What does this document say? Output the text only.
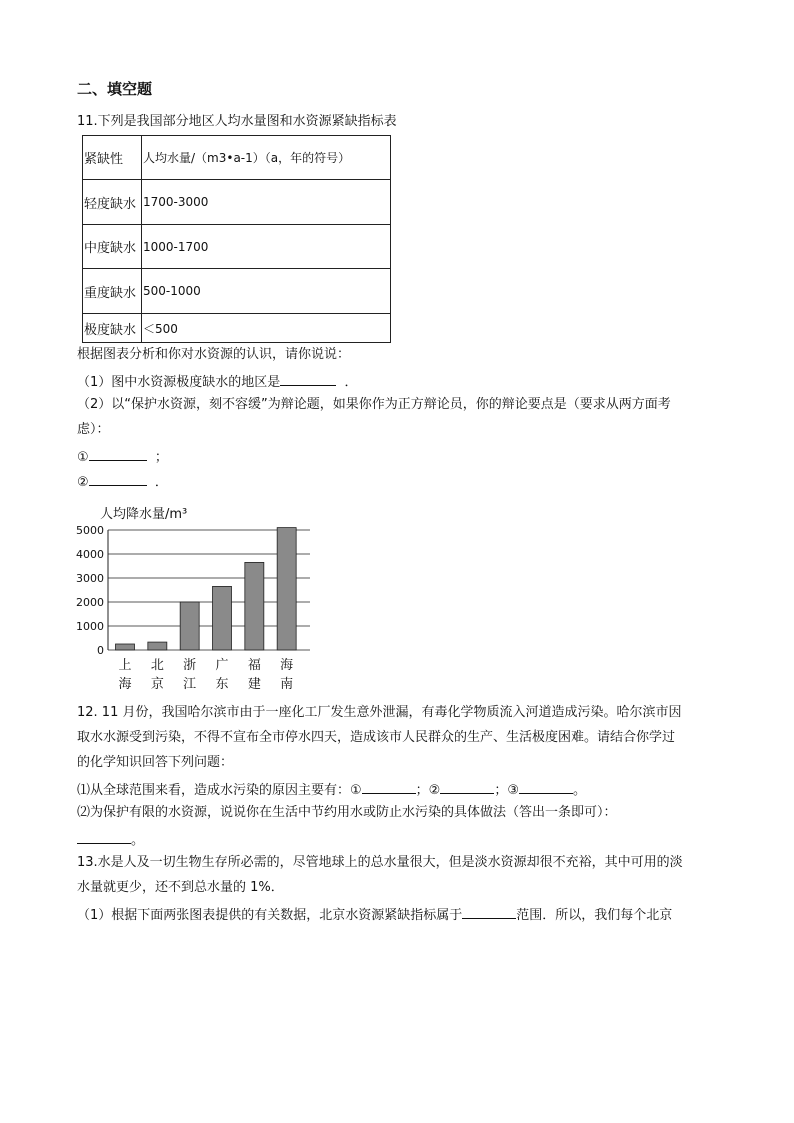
二、填空题
11.下列是我国部分地区人均水量图和水资源紧缺指标表
紧缺性	人均水量/（m3•a-1）（a，年的符号）
轻度缺水	1700-3000
中度缺水	1000-1700
重度缺水	500-1000
极度缺水	＜500
根据图表分析和你对水资源的认识，请你说说：
（1）图中水资源极度缺水的地区是	．
（2）以“保护水资源，刻不容缓”为辩论题，如果你作为正方辩论员，你的辩论要点是（要求从两方面考
虑）：
①	；
②	．
0
1000
2000
3000
4000
5000
上
海
北
京
浙
江
广
东
福
建
海
南
人均降水量/m³
12. 11 月份，我国哈尔滨市由于一座化工厂发生意外泄漏，有毒化学物质流入河道造成污染。哈尔滨市因
取水水源受到污染，不得不宣布全市停水四天，造成该市人民群众的生产、生活极度困难。请结合你学过
的化学知识回答下列问题：
⑴从全球范围来看，造成水污染的原因主要有：①	；②	；③	。
⑵为保护有限的水资源，说说你在生活中节约用水或防止水污染的具体做法（答出一条即可）：
。
13.水是人及一切生物生存所必需的，尽管地球上的总水量很大，但是淡水资源却很不充裕，其中可用的淡
水量就更少，还不到总水量的 1%．
（1）根据下面两张图表提供的有关数据，北京水资源紧缺指标属于	范围．所以，我们每个北京
